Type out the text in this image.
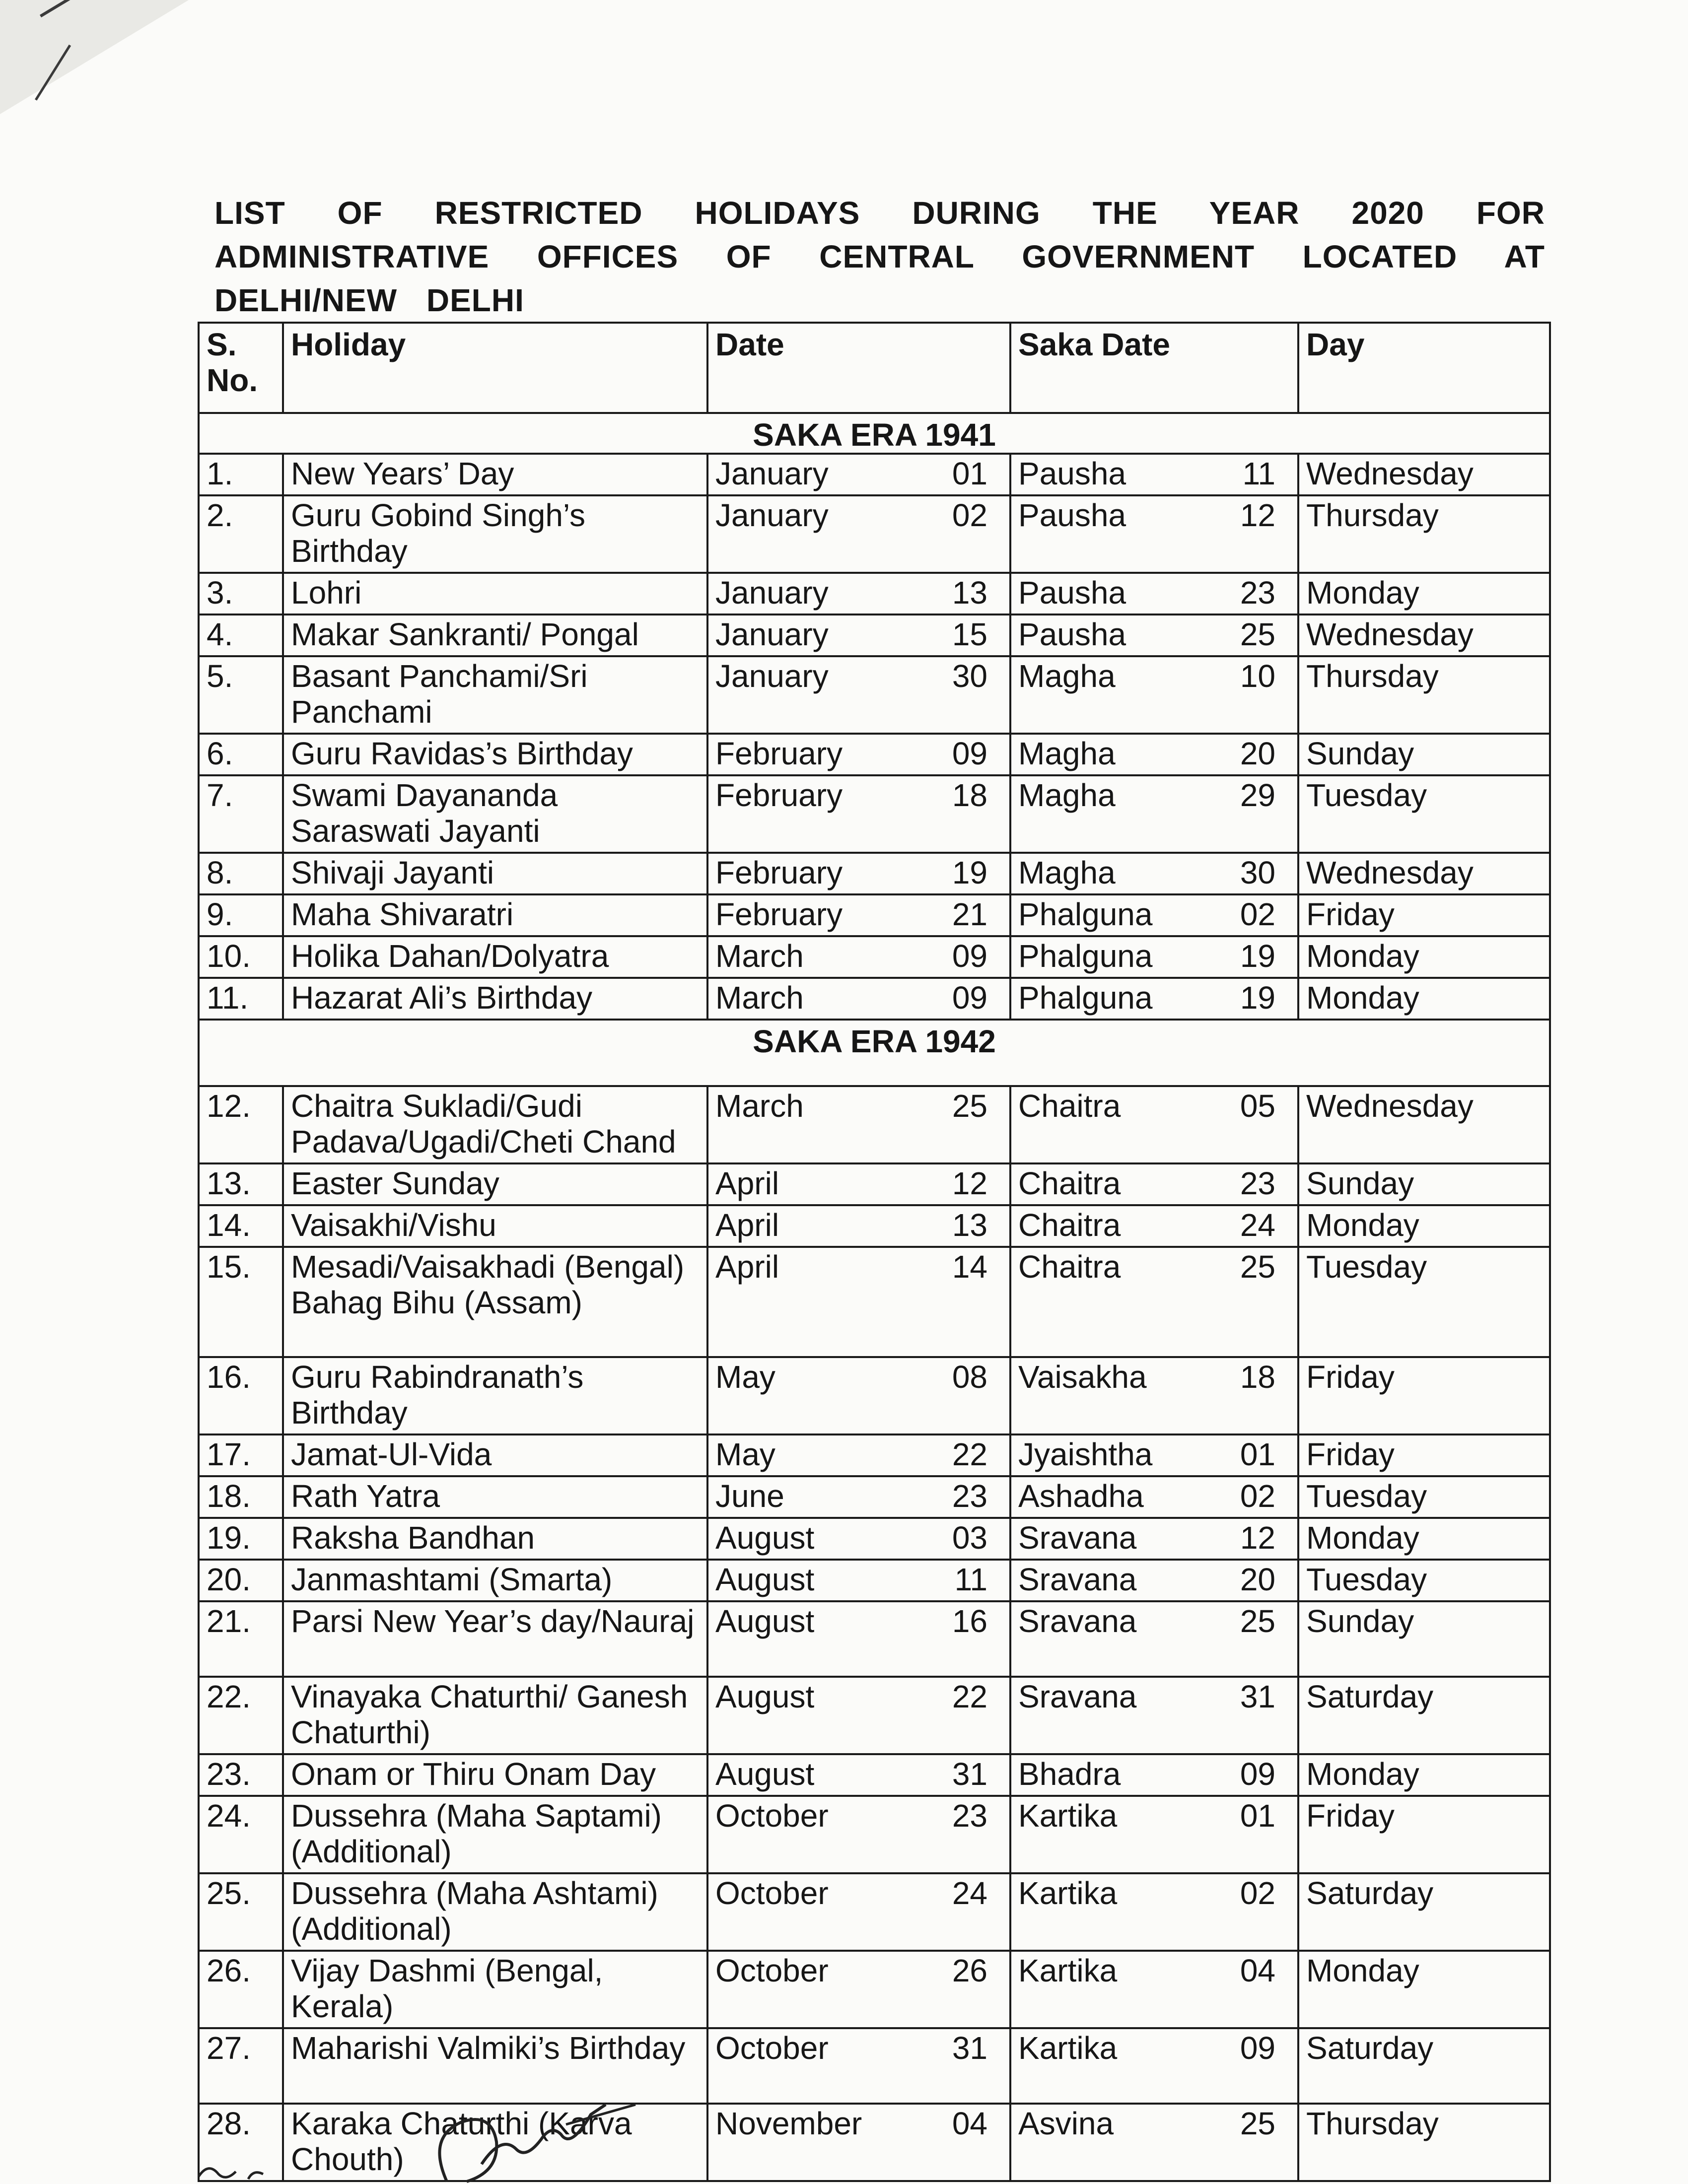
LIST OF RESTRICTED HOLIDAYS DURING THE YEAR 2020 FOR
ADMINISTRATIVE OFFICES OF CENTRAL GOVERNMENT LOCATED AT
DELHI/NEW DELHI
S. No.	Holiday	Date	Saka Date	Day
SAKA ERA 1941				
1.	New Years’ Day	January 01	Pausha 11	Wednesday
2.	Guru Gobind Singh’s Birthday	January 02	Pausha 12	Thursday
3.	Lohri	January 13	Pausha 23	Monday
4.	Makar Sankranti/ Pongal	January 15	Pausha 25	Wednesday
5.	Basant Panchami/Sri Panchami	January 30	Magha 10	Thursday
6.	Guru Ravidas’s Birthday	February 09	Magha 20	Sunday
7.	Swami Dayananda Saraswati Jayanti	February 18	Magha 29	Tuesday
8.	Shivaji Jayanti	February 19	Magha 30	Wednesday
9.	Maha Shivaratri	February 21	Phalguna 02	Friday
10.	Holika Dahan/Dolyatra	March 09	Phalguna 19	Monday
11.	Hazarat Ali’s Birthday	March 09	Phalguna 19	Monday
SAKA ERA 1942				
12.	Chaitra Sukladi/Gudi Padava/Ugadi/Cheti Chand	March 25	Chaitra 05	Wednesday
13.	Easter Sunday	April 12	Chaitra 23	Sunday
14.	Vaisakhi/Vishu	April 13	Chaitra 24	Monday
15.	Mesadi/Vaisakhadi (Bengal) Bahag Bihu (Assam)	April 14	Chaitra 25	Tuesday
16.	Guru Rabindranath’s Birthday	May 08	Vaisakha 18	Friday
17.	Jamat-Ul-Vida	May 22	Jyaishtha 01	Friday
18.	Rath Yatra	June 23	Ashadha 02	Tuesday
19.	Raksha Bandhan	August 03	Sravana 12	Monday
20.	Janmashtami (Smarta)	August 11	Sravana 20	Tuesday
21.	Parsi New Year’s day/Nauraj	August 16	Sravana 25	Sunday
22.	Vinayaka Chaturthi/ Ganesh Chaturthi)	August 22	Sravana 31	Saturday
23.	Onam or Thiru Onam Day	August 31	Bhadra 09	Monday
24.	Dussehra (Maha Saptami) (Additional)	October 23	Kartika 01	Friday
25.	Dussehra (Maha Ashtami) (Additional)	October 24	Kartika 02	Saturday
26.	Vijay Dashmi (Bengal, Kerala)	October 26	Kartika 04	Monday
27.	Maharishi Valmiki’s Birthday	October 31	Kartika 09	Saturday
28.	Karaka Chaturthi (Karva Chouth)	November 04	Asvina 25	Thursday
